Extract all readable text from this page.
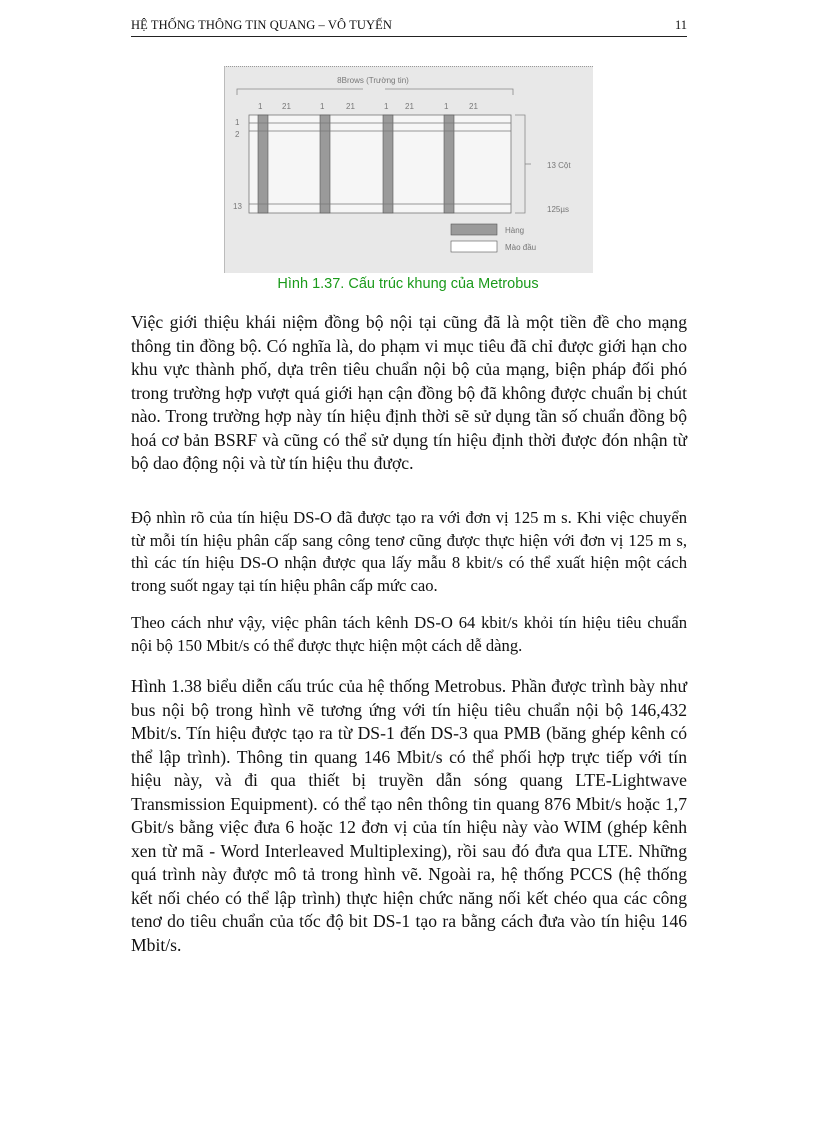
HỆ THỐNG THÔNG TIN QUANG – VÔ TUYẾN	11
8Brows (Trường tin)
1 21	1	21	1 21	1	21
1
2
13
13 Cột
125µs
Hàng
Mào đầu
Hình 1.37. Cấu trúc khung của Metrobus

Việc giới thiệu khái niệm đồng bộ nội tại cũng đã là một tiền đề cho mạng thông tin đồng bộ. Có nghĩa là, do phạm vi mục tiêu đã chỉ được giới hạn cho khu vực thành phố, dựa trên tiêu chuẩn nội bộ của mạng, biện pháp đối phó trong trường hợp vượt quá giới hạn cận đồng bộ đã không được chuẩn bị chút nào. Trong trường hợp này tín hiệu định thời sẽ sử dụng tần số chuẩn đồng bộ hoá cơ bản BSRF và cũng có thể sử dụng tín hiệu định thời được đón nhận từ bộ dao động nội và từ tín hiệu thu được.

Độ nhìn rõ của tín hiệu DS-O đã được tạo ra với đơn vị 125 m s. Khi việc chuyển từ mỗi tín hiệu phân cấp sang công tenơ cũng được thực hiện với đơn vị 125 m s, thì các tín hiệu DS-O nhận được qua lấy mẫu 8 kbit/s có thể xuất hiện một cách trong suốt ngay tại tín hiệu phân cấp mức cao.

Theo cách như vậy, việc phân tách kênh DS-O 64 kbit/s khỏi tín hiệu tiêu chuẩn nội bộ 150 Mbit/s có thể được thực hiện một cách dễ dàng.

Hình 1.38 biểu diễn cấu trúc của hệ thống Metrobus. Phần được trình bày như bus nội bộ trong hình vẽ tương ứng với tín hiệu tiêu chuẩn nội bộ 146,432 Mbit/s. Tín hiệu được tạo ra từ DS-1 đến DS-3 qua PMB (băng ghép kênh có thể lập trình). Thông tin quang 146 Mbit/s có thể phối hợp trực tiếp với tín hiệu này, và đi qua thiết bị truyền dẫn sóng quang LTE-Lightwave Transmission Equipment). có thể tạo nên thông tin quang 876 Mbit/s hoặc 1,7 Gbit/s bằng việc đưa 6 hoặc 12 đơn vị của tín hiệu này vào WIM (ghép kênh xen từ mã - Word Interleaved Multiplexing), rồi sau đó đưa qua LTE. Những quá trình này được mô tả trong hình vẽ. Ngoài ra, hệ thống PCCS (hệ thống kết nối chéo có thể lập trình) thực hiện chức năng nối kết chéo qua các công tenơ do tiêu chuẩn của tốc độ bit DS-1 tạo ra bằng cách đưa vào tín hiệu 146 Mbit/s.
